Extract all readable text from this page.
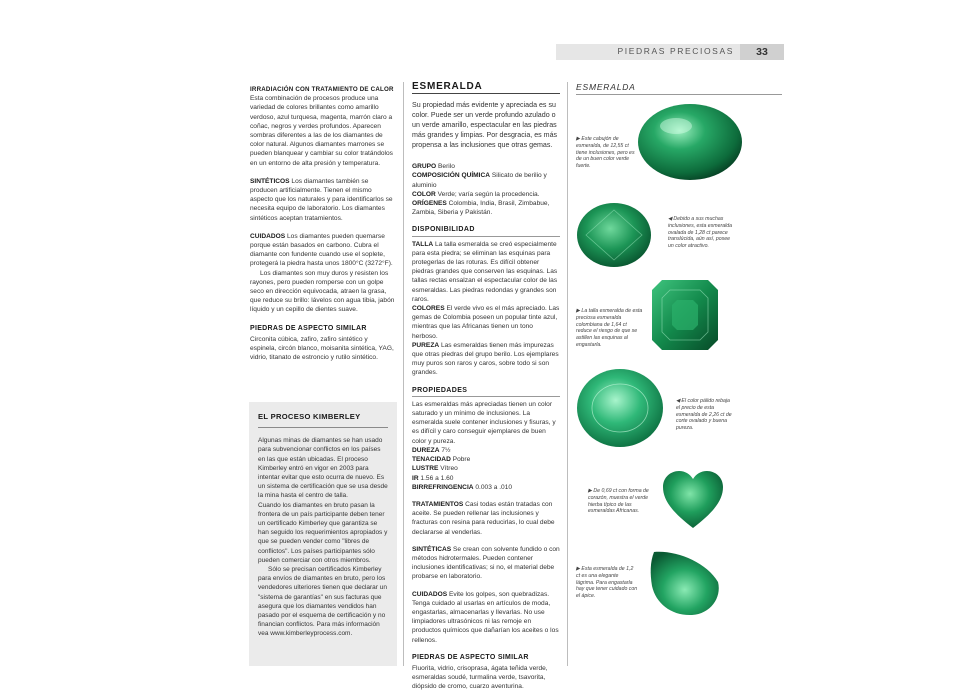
PIEDRAS PRECIOSAS	33

IRRADIACIÓN CON TRATAMIENTO DE CALOR
Esta combinación de procesos produce una variedad de colores brillantes como amarillo verdoso, azul turquesa, magenta, marrón claro a coñac, negros y verdes profundos. Aparecen sombras diferentes a las de los diamantes de color natural. Algunos diamantes marrones se pueden blanquear y cambiar su color tratándolos en un entorno de alta presión y temperatura.

SINTÉTICOS Los diamantes también se producen artificialmente. Tienen el mismo aspecto que los naturales y para identificarlos se necesita equipo de laboratorio. Los diamantes sintéticos aceptan tratamientos.

CUIDADOS Los diamantes pueden quemarse porque están basados en carbono. Cubra el diamante con fundente cuando use el soplete, protegerá la piedra hasta unos 1800°C (3272°F).

Los diamantes son muy duros y resisten los rayones, pero pueden romperse con un golpe seco en dirección equivocada, atraen la grasa, que reduce su brillo: lávelos con agua tibia, jabón líquido y un cepillo de dientes suave.

PIEDRAS DE ASPECTO SIMILAR

Circonita cúbica, zafiro, zafiro sintético y espinela, circón blanco, moisanita sintética, YAG, vidrio, titanato de estroncio y rutilo sintético.

EL PROCESO KIMBERLEY
Algunas minas de diamantes se han usado para subvencionar conflictos en los países en las que están ubicadas. El proceso Kimberley entró en vigor en 2003 para intentar evitar que esto ocurra de nuevo. Es un sistema de certificación que se usa desde la mina hasta el centro de talla.
Cuando los diamantes en bruto pasan la frontera de un país participante deben tener un certificado Kimberley que garantiza se han seguido los requerimientos apropiados y que se pueden vender como "libres de conflictos". Los países participantes sólo pueden comerciar con otros miembros.
Sólo se precisan certificados Kimberley para envíos de diamantes en bruto, pero los vendedores ulteriores tienen que declarar un "sistema de garantías" en sus facturas que asegura que los diamantes vendidos han pasado por el esquema de certificación y no financian conflictos. Para más información vea www.kimberleyprocess.com.
ESMERALDA
Su propiedad más evidente y apreciada es su color. Puede ser un verde profundo azulado o un verde amarillo, espectacular en las piedras más grandes y limpias. Por desgracia, es más propensa a las inclusiones que otras gemas.

GRUPO Berilo
COMPOSICIÓN QUÍMICA Silicato de berilio y aluminio
COLOR Verde; varía según la procedencia.
ORÍGENES Colombia, India, Brasil, Zimbabue, Zambia, Siberia y Pakistán.

DISPONIBILIDAD

TALLA La talla esmeralda se creó especialmente para esta piedra; se eliminan las esquinas para protegerlas de las roturas. Es difícil obtener piedras grandes que conserven las esquinas. Las tallas rectas ensalzan el espectacular color de las esmeraldas. Las piedras redondas y grandes son raros.
COLORES El verde vivo es el más apreciado. Las gemas de Colombia poseen un popular tinte azul, mientras que las Africanas tienen un tono herboso.
PUREZA Las esmeraldas tienen más impurezas que otras piedras del grupo berilo. Los ejemplares muy puros son raros y caros, sobre todo si son grandes.

PROPIEDADES

Las esmeraldas más apreciadas tienen un color saturado y un mínimo de inclusiones. La esmeralda suele contener inclusiones y fisuras, y es difícil y caro conseguir ejemplares de buen color y pureza.

DUREZA 7½
TENACIDAD Pobre
LUSTRE Vítreo
IR 1.56 a 1.60
BIRREFRINGENCIA 0.003 a .010

TRATAMIENTOS Casi todas están tratadas con aceite. Se pueden rellenar las inclusiones y fracturas con resina para reducirlas, lo cual debe declararse al venderlas.

SINTÉTICAS Se crean con solvente fundido o con métodos hidrotermales. Pueden contener inclusiones identificativas; si no, el material debe probarse en laboratorio.

CUIDADOS Evite los golpes, son quebradizas. Tenga cuidado al usarlas en artículos de moda, engastarlas, almacenarlas y llevarlas. No use limpiadores ultrasónicos ni las remoje en productos químicos que dañarían los aceites o los rellenos.

PIEDRAS DE ASPECTO SIMILAR

Fluorita, vidrio, crisoprasa, ágata teñida verde, esmeraldas soudé, turmalina verde, tsavorita, diópsido de cromo, cuarzo aventurina.

ESMERALDA
▶ Este cabujón de esmeralda, de 12,55 ct tiene inclusiones, pero es de un buen color verde fuerte.
◀ Debido a sus muchas inclusiones, esta esmeralda ovalada de 1,28 ct parece translúcida, aún así, posee un color atractivo.
▶ La talla esmeralda de esta preciosa esmeralda colombiana de 1,64 ct reduce el riesgo de que se astillen las esquinas al engastarla.
◀ El color pálido rebaja el precio de esta esmeralda de 2,26 ct de corte ovalado y buena pureza.
▶ De 0,69 ct con forma de corazón, muestra el verde hierba típico de las esmeraldas Africanas.
▶ Esta esmeralda de 1,2 ct es una elegante lágrima. Para engastarla hay que tener cuidado con el ápice.
